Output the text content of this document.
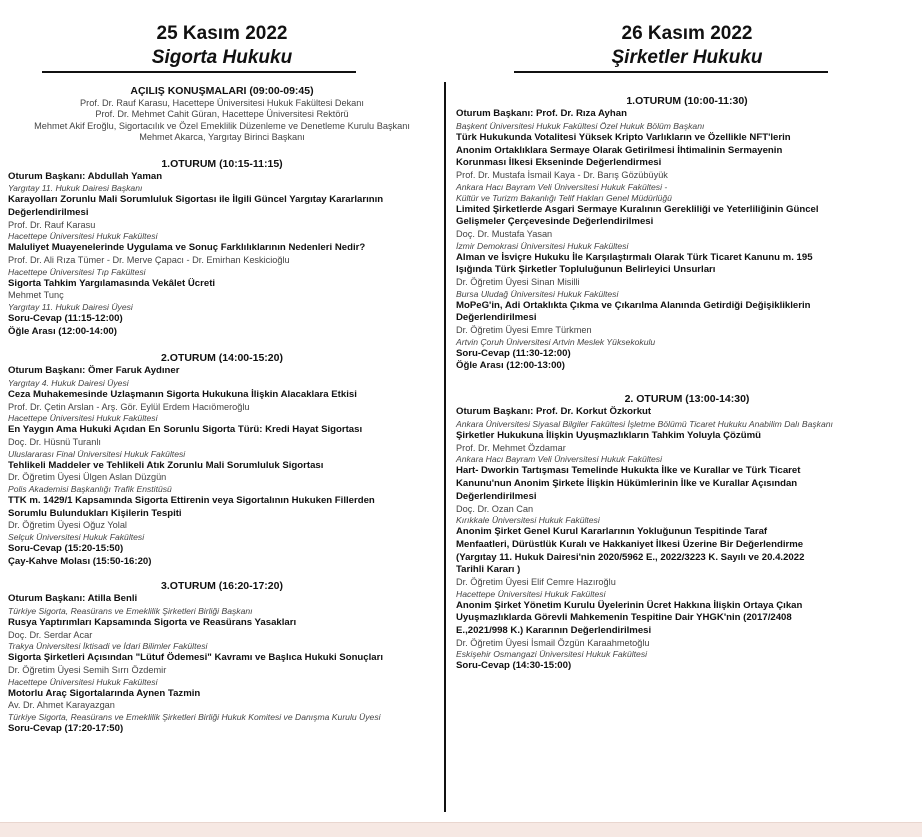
25 Kasım 2022
Sigorta Hukuku
AÇILIŞ KONUŞMALARI (09:00-09:45)
Prof. Dr. Rauf Karasu, Hacettepe Üniversitesi Hukuk Fakültesi Dekanı
Prof. Dr. Mehmet Cahit Güran, Hacettepe Üniversitesi Rektörü
Mehmet Akif Eroğlu, Sigortacılık ve Özel Emeklilik Düzenleme ve Denetleme Kurulu Başkanı
Mehmet Akarca, Yargıtay Birinci Başkanı
1.OTURUM (10:15-11:15)
Oturum Başkanı: Abdullah Yaman
Yargıtay 11. Hukuk Dairesi Başkanı
Karayolları Zorunlu Mali Sorumluluk Sigortası ile İlgili Güncel Yargıtay Kararlarının
Değerlendirilmesi
Prof. Dr. Rauf Karasu
Hacettepe Üniversitesi Hukuk Fakültesi
Maluliyet Muayenelerinde Uygulama ve Sonuç Farklılıklarının Nedenleri Nedir?
Prof. Dr. Ali Rıza Tümer - Dr. Merve Çapacı - Dr. Emirhan Keskicioğlu
Hacettepe Üniversitesi Tıp Fakültesi
Sigorta Tahkim Yargılamasında Vekâlet Ücreti
Mehmet Tunç
Yargıtay 11. Hukuk Dairesi Üyesi
Soru-Cevap (11:15-12:00)
Öğle Arası (12:00-14:00)
2.OTURUM (14:00-15:20)
Oturum Başkanı: Ömer Faruk Aydıner
Yargıtay 4. Hukuk Dairesi Üyesi
Ceza Muhakemesinde Uzlaşmanın Sigorta Hukukuna İlişkin Alacaklara Etkisi
Prof. Dr. Çetin Arslan - Arş. Gör. Eylül Erdem Hacıömeroğlu
Hacettepe Üniversitesi Hukuk Fakültesi
En Yaygın Ama Hukuki Açıdan En Sorunlu Sigorta Türü: Kredi Hayat Sigortası
Doç. Dr. Hüsnü Turanlı
Uluslararası Final Üniversitesi Hukuk Fakültesi
Tehlikeli Maddeler ve Tehlikeli Atık Zorunlu Mali Sorumluluk Sigortası
Dr. Öğretim Üyesi Ülgen Aslan Düzgün
Polis Akademisi Başkanlığı Trafik Enstitüsü
TTK m. 1429/1 Kapsamında Sigorta Ettirenin veya Sigortalının Hukuken Fillerden
Sorumlu Bulundukları Kişilerin Tespiti
Dr. Öğretim Üyesi Oğuz Yolal
Selçuk Üniversitesi Hukuk Fakültesi
Soru-Cevap (15:20-15:50)
Çay-Kahve Molası (15:50-16:20)
3.OTURUM (16:20-17:20)
Oturum Başkanı: Atilla Benli
Türkiye Sigorta, Reasürans ve Emeklilik Şirketleri Birliği Başkanı
Rusya Yaptırımları Kapsamında Sigorta ve Reasürans Yasakları
Doç. Dr. Serdar Acar
Trakya Üniversitesi İktisadi ve İdari Bilimler Fakültesi
Sigorta Şirketleri Açısından "Lütuf Ödemesi" Kavramı ve Başlıca Hukuki Sonuçları
Dr. Öğretim Üyesi Semih Sırrı Özdemir
Hacettepe Üniversitesi Hukuk Fakültesi
Motorlu Araç Sigortalarında Aynen Tazmin
Av. Dr. Ahmet Karayazgan
Türkiye Sigorta, Reasürans ve Emeklilik Şirketleri Birliği Hukuk Komitesi ve Danışma Kurulu Üyesi
Soru-Cevap (17:20-17:50)
26 Kasım 2022
Şirketler Hukuku
1.OTURUM (10:00-11:30)
Oturum Başkanı: Prof. Dr. Rıza Ayhan
Başkent Üniversitesi Hukuk Fakültesi Özel Hukuk Bölüm Başkanı
Türk Hukukunda Votalitesi Yüksek Kripto Varlıkların ve Özellikle NFT'lerin
Anonim Ortaklıklara Sermaye Olarak Getirilmesi İhtimalinin Sermayenin
Korunması İlkesi Ekseninde Değerlendirmesi
Prof. Dr. Mustafa İsmail Kaya - Dr. Barış Gözübüyük
Ankara Hacı Bayram Veli Üniversitesi Hukuk Fakültesi -
Kültür ve Turizm Bakanlığı Telif Hakları Genel Müdürlüğü
Limited Şirketlerde Asgari Sermaye Kuralının Gerekliliği ve Yeterliliğinin Güncel
Gelişmeler Çerçevesinde Değerlendirilmesi
Doç. Dr. Mustafa Yasan
İzmir Demokrasi Üniversitesi Hukuk Fakültesi
Alman ve İsviçre Hukuku İle Karşılaştırmalı Olarak Türk Ticaret Kanunu m. 195
Işığında Türk Şirketler Topluluğunun Belirleyici Unsurları
Dr. Öğretim Üyesi Sinan Misilli
Bursa Uludağ Üniversitesi Hukuk Fakültesi
MoPeG'in, Adi Ortaklıkta Çıkma ve Çıkarılma Alanında Getirdiği Değişikliklerin
Değerlendirilmesi
Dr. Öğretim Üyesi Emre Türkmen
Artvin Çoruh Üniversitesi Artvin Meslek Yüksekokulu
Soru-Cevap (11:30-12:00)
Öğle Arası (12:00-13:00)
2. OTURUM (13:00-14:30)
Oturum Başkanı: Prof. Dr. Korkut Özkorkut
Ankara Üniversitesi Siyasal Bilgiler Fakültesi İşletme Bölümü Ticaret Hukuku Anabilim Dalı Başkanı
Şirketler Hukukuna İlişkin Uyuşmazlıkların Tahkim Yoluyla Çözümü
Prof. Dr. Mehmet Özdamar
Ankara Hacı Bayram Veli Üniversitesi Hukuk Fakültesi
Hart- Dworkin Tartışması Temelinde Hukukta İlke ve Kurallar ve Türk Ticaret
Kanunu'nun Anonim Şirkete İlişkin Hükümlerinin İlke ve Kurallar Açısından
Değerlendirilmesi
Doç. Dr. Ozan Can
Kırıkkale Üniversitesi Hukuk Fakültesi
Anonim Şirket Genel Kurul Kararlarının Yokluğunun Tespitinde Taraf
Menfaatleri, Dürüstlük Kuralı ve Hakkaniyet İlkesi Üzerine Bir Değerlendirme
(Yargıtay 11. Hukuk Dairesi'nin 2020/5962 E., 2022/3223 K. Sayılı ve 20.4.2022
Tarihli Kararı )
Dr. Öğretim Üyesi Elif Cemre Hazıroğlu
Hacettepe Üniversitesi Hukuk Fakültesi
Anonim Şirket Yönetim Kurulu Üyelerinin Ücret Hakkına İlişkin Ortaya Çıkan
Uyuşmazlıklarda Görevli Mahkemenin Tespitine Dair YHGK'nin (2017/2408
E.,2021/998 K.) Kararının Değerlendirilmesi
Dr. Öğretim Üyesi İsmail Özgün Karaahmetoğlu
Eskişehir Osmangazi Üniversitesi Hukuk Fakültesi
Soru-Cevap (14:30-15:00)
